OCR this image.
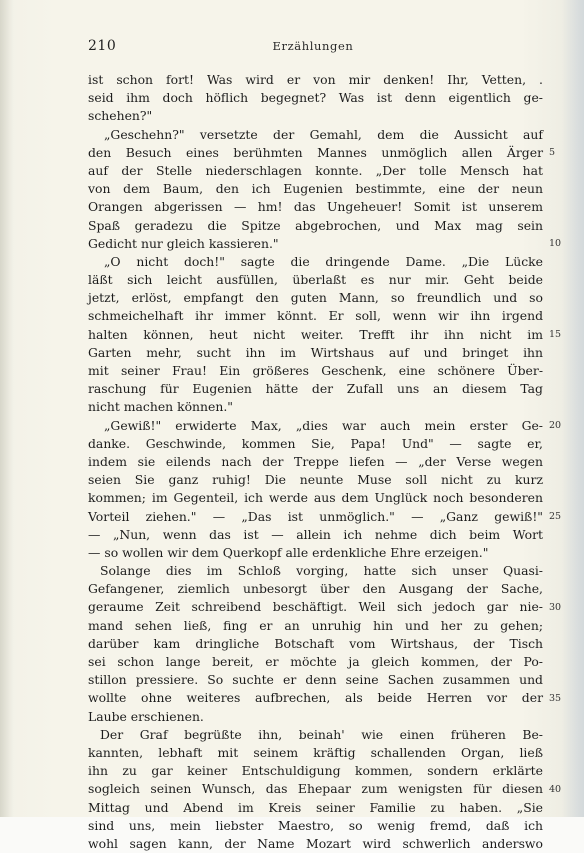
210	Erzählungen
ist schon fort! Was wird er von mir denken! Ihr, Vetten, .
seid ihm doch höflich begegnet? Was ist denn eigentlich ge-
schehen?"
„Geschehn?" versetzte der Gemahl, dem die Aussicht auf
den Besuch eines berühmten Mannes unmöglich allen Ärger
auf der Stelle niederschlagen konnte. „Der tolle Mensch hat
von dem Baum, den ich Eugenien bestimmte, eine der neun
Orangen abgerissen — hm! das Ungeheuer! Somit ist unserem
Spaß geradezu die Spitze abgebrochen, und Max mag sein
Gedicht nur gleich kassieren."
„O nicht doch!" sagte die dringende Dame. „Die Lücke
läßt sich leicht ausfüllen, überlaßt es nur mir. Geht beide
jetzt, erlöst, empfangt den guten Mann, so freundlich und so
schmeichelhaft ihr immer könnt. Er soll, wenn wir ihn irgend
halten können, heut nicht weiter. Trefft ihr ihn nicht im
Garten mehr, sucht ihn im Wirtshaus auf und bringet ihn
mit seiner Frau! Ein größeres Geschenk, eine schönere Über-
raschung für Eugenien hätte der Zufall uns an diesem Tag
nicht machen können."
„Gewiß!" erwiderte Max, „dies war auch mein erster Ge-
danke. Geschwinde, kommen Sie, Papa! Und" — sagte er,
indem sie eilends nach der Treppe liefen — „der Verse wegen
seien Sie ganz ruhig! Die neunte Muse soll nicht zu kurz
kommen; im Gegenteil, ich werde aus dem Unglück noch besonderen
Vorteil ziehen." — „Das ist unmöglich." — „Ganz gewiß!"
— „Nun, wenn das ist — allein ich nehme dich beim Wort
— so wollen wir dem Querkopf alle erdenkliche Ehre erzeigen."
Solange dies im Schloß vorging, hatte sich unser Quasi-
Gefangener, ziemlich unbesorgt über den Ausgang der Sache,
geraume Zeit schreibend beschäftigt. Weil sich jedoch gar nie-
mand sehen ließ, fing er an unruhig hin und her zu gehen;
darüber kam dringliche Botschaft vom Wirtshaus, der Tisch
sei schon lange bereit, er möchte ja gleich kommen, der Po-
stillon pressiere. So suchte er denn seine Sachen zusammen und
wollte ohne weiteres aufbrechen, als beide Herren vor der
Laube erschienen.
Der Graf begrüßte ihn, beinah' wie einen früheren Be-
kannten, lebhaft mit seinem kräftig schallenden Organ, ließ
ihn zu gar keiner Entschuldigung kommen, sondern erklärte
sogleich seinen Wunsch, das Ehepaar zum wenigsten für diesen
Mittag und Abend im Kreis seiner Familie zu haben. „Sie
sind uns, mein liebster Maestro, so wenig fremd, daß ich
wohl sagen kann, der Name Mozart wird schwerlich anderswo
5
10
15
20
25
30
35
40
